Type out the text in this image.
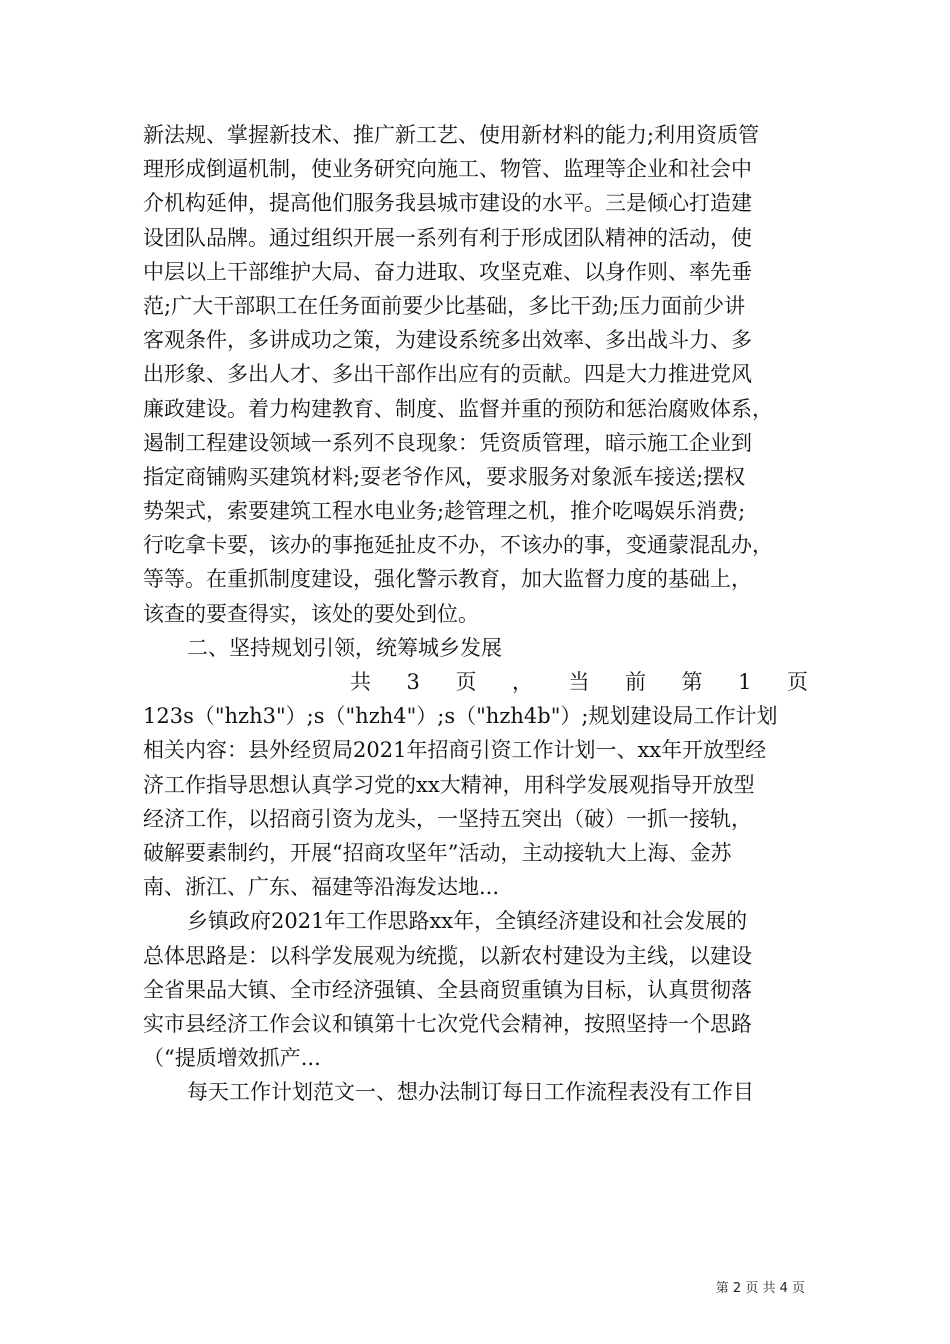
新法规、掌握新技术、推广新工艺、使用新材料的能力;利用资质管
理形成倒逼机制，使业务研究向施工、物管、监理等企业和社会中
介机构延伸，提高他们服务我县城市建设的水平。三是倾心打造建
设团队品牌。通过组织开展一系列有利于形成团队精神的活动，使
中层以上干部维护大局、奋力进取、攻坚克难、以身作则、率先垂
范;广大干部职工在任务面前要少比基础，多比干劲;压力面前少讲
客观条件，多讲成功之策，为建设系统多出效率、多出战斗力、多
出形象、多出人才、多出干部作出应有的贡献。四是大力推进党风
廉政建设。着力构建教育、制度、监督并重的预防和惩治腐败体系，
遏制工程建设领域一系列不良现象：凭资质管理，暗示施工企业到
指定商铺购买建筑材料;耍老爷作风，要求服务对象派车接送;摆权
势架式，索要建筑工程水电业务;趁管理之机，推介吃喝娱乐消费;
行吃拿卡要，该办的事拖延扯皮不办，不该办的事，变通蒙混乱办，
等等。在重抓制度建设，强化警示教育，加大监督力度的基础上，
该查的要查得实，该处的要处到位。
二、坚持规划引领，统筹城乡发展
共 3 页 ， 当 前 第 1 页
123s（"hzh3"）;s（"hzh4"）;s（"hzh4b"）;规划建设局工作计划
相关内容：县外经贸局2021年招商引资工作计划一、xx年开放型经
济工作指导思想认真学习党的xx大精神，用科学发展观指导开放型
经济工作，以招商引资为龙头，一坚持五突出（破）一抓一接轨，
破解要素制约，开展“招商攻坚年”活动，主动接轨大上海、金苏
南、浙江、广东、福建等沿海发达地...
乡镇政府2021年工作思路xx年，全镇经济建设和社会发展的
总体思路是：以科学发展观为统揽，以新农村建设为主线，以建设
全省果品大镇、全市经济强镇、全县商贸重镇为目标，认真贯彻落
实市县经济工作会议和镇第十七次党代会精神，按照坚持一个思路
（“提质增效抓产...
每天工作计划范文一、想办法制订每日工作流程表没有工作目
第 2 页 共 4 页
